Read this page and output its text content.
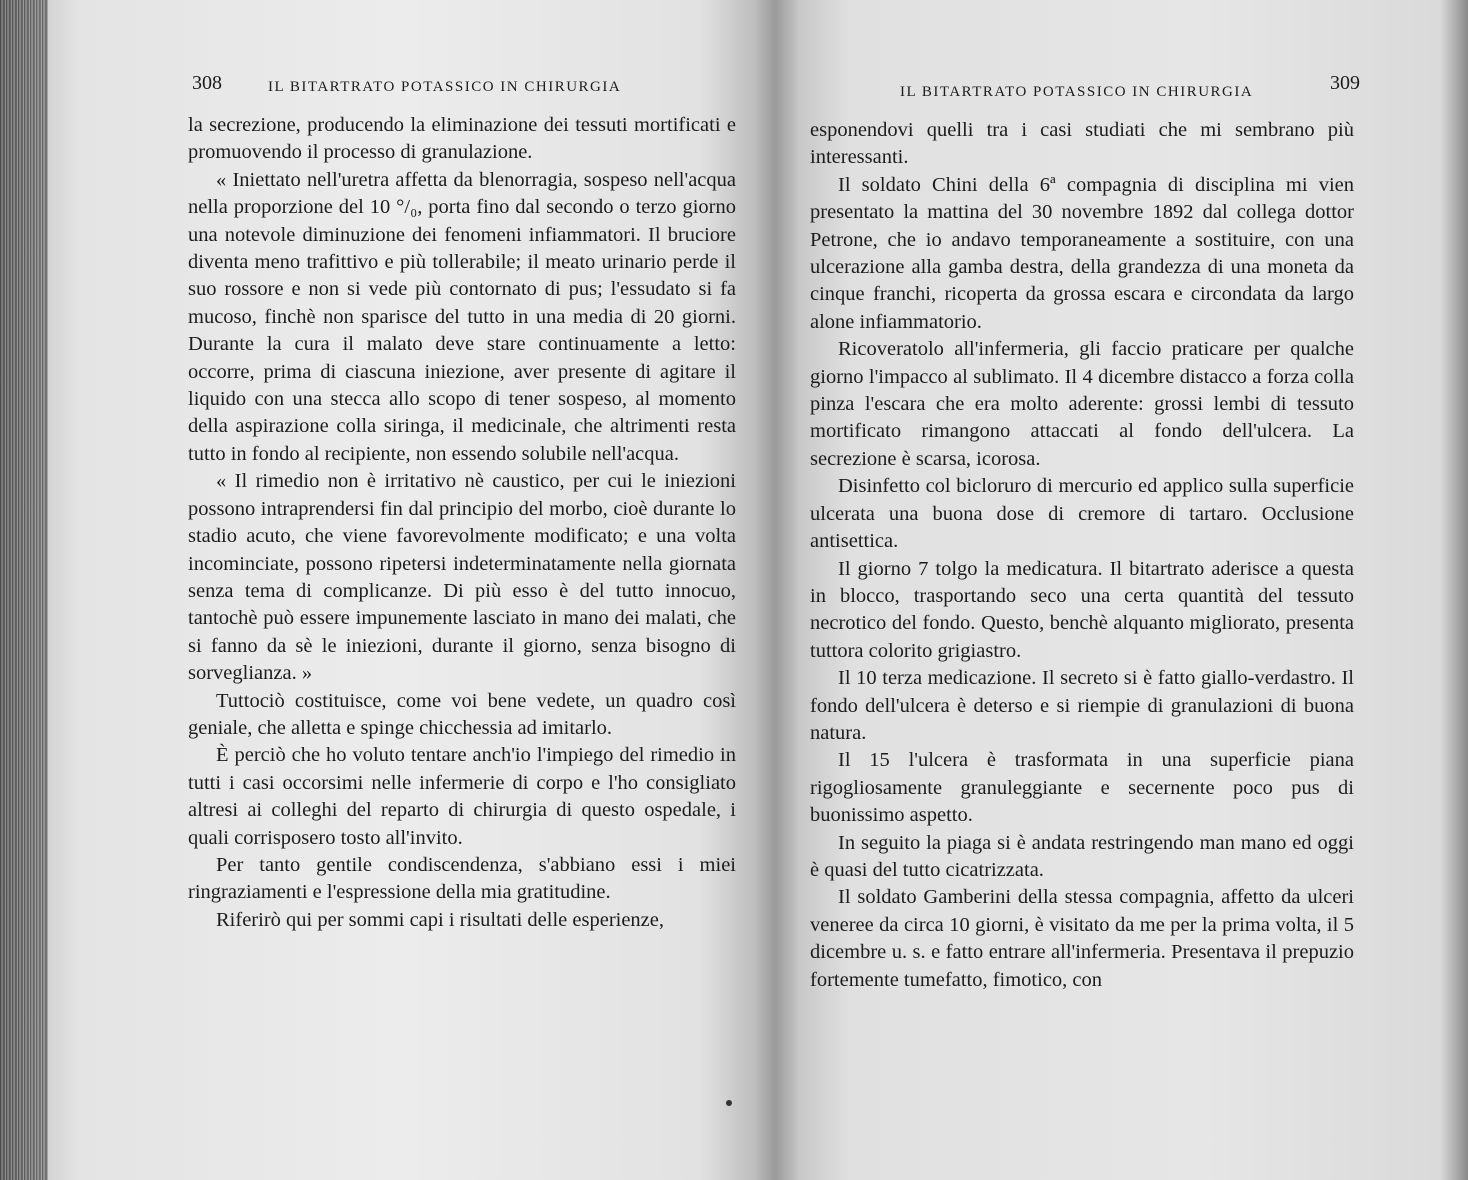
308	IL BITARTRATO POTASSICO IN CHIRURGIA

la secrezione, producendo la eliminazione dei tessuti mortificati e promuovendo il processo di granulazione.

« Iniettato nell'uretra affetta da blenorragia, sospeso nell'acqua nella proporzione del 10 °/₀, porta fino dal secondo o terzo giorno una notevole diminuzione dei fenomeni infiammatori. Il bruciore diventa meno trafittivo e più tollerabile; il meato urinario perde il suo rossore e non si vede più contornato di pus; l'essudato si fa mucoso, finchè non sparisce del tutto in una media di 20 giorni. Durante la cura il malato deve stare continuamente a letto: occorre, prima di ciascuna iniezione, aver presente di agitare il liquido con una stecca allo scopo di tener sospeso, al momento della aspirazione colla siringa, il medicinale, che altrimenti resta tutto in fondo al recipiente, non essendo solubile nell'acqua.

« Il rimedio non è irritativo nè caustico, per cui le iniezioni possono intraprendersi fin dal principio del morbo, cioè durante lo stadio acuto, che viene favorevolmente modificato; e una volta incominciate, possono ripetersi indeterminatamente nella giornata senza tema di complicanze. Di più esso è del tutto innocuo, tantochè può essere impunemente lasciato in mano dei malati, che si fanno da sè le iniezioni, durante il giorno, senza bisogno di sorveglianza. »

Tuttociò costituisce, come voi bene vedete, un quadro così geniale, che alletta e spinge chicchessia ad imitarlo.

È perciò che ho voluto tentare anch'io l'impiego del rimedio in tutti i casi occorsimi nelle infermerie di corpo e l'ho consigliato altresi ai colleghi del reparto di chirurgia di questo ospedale, i quali corrisposero tosto all'invito.

Per tanto gentile condiscendenza, s'abbiano essi i miei ringraziamenti e l'espressione della mia gratitudine.

Riferirò qui per sommi capi i risultati delle esperienze,

IL BITARTRATO POTASSICO IN CHIRURGIA	309

esponendovi quelli tra i casi studiati che mi sembrano più interessanti.

Il soldato Chini della 6ª compagnia di disciplina mi vien presentato la mattina del 30 novembre 1892 dal collega dottor Petrone, che io andavo temporaneamente a sostituire, con una ulcerazione alla gamba destra, della grandezza di una moneta da cinque franchi, ricoperta da grossa escara e circondata da largo alone infiammatorio.

Ricoveratolo all'infermeria, gli faccio praticare per qualche giorno l'impacco al sublimato. Il 4 dicembre distacco a forza colla pinza l'escara che era molto aderente: grossi lembi di tessuto mortificato rimangono attaccati al fondo dell'ulcera. La secrezione è scarsa, icorosa.

Disinfetto col bicloruro di mercurio ed applico sulla superficie ulcerata una buona dose di cremore di tartaro. Occlusione antisettica.

Il giorno 7 tolgo la medicatura. Il bitartrato aderisce a questa in blocco, trasportando seco una certa quantità del tessuto necrotico del fondo. Questo, benchè alquanto migliorato, presenta tuttora colorito grigiastro.

Il 10 terza medicazione. Il secreto si è fatto giallo-verdastro. Il fondo dell'ulcera è deterso e si riempie di granulazioni di buona natura.

Il 15 l'ulcera è trasformata in una superficie piana rigogliosamente granuleggiante e secernente poco pus di buonissimo aspetto.

In seguito la piaga si è andata restringendo man mano ed oggi è quasi del tutto cicatrizzata.

Il soldato Gamberini della stessa compagnia, affetto da ulceri veneree da circa 10 giorni, è visitato da me per la prima volta, il 5 dicembre u. s. e fatto entrare all'infermeria. Presentava il prepuzio fortemente tumefatto, fimotico, con
